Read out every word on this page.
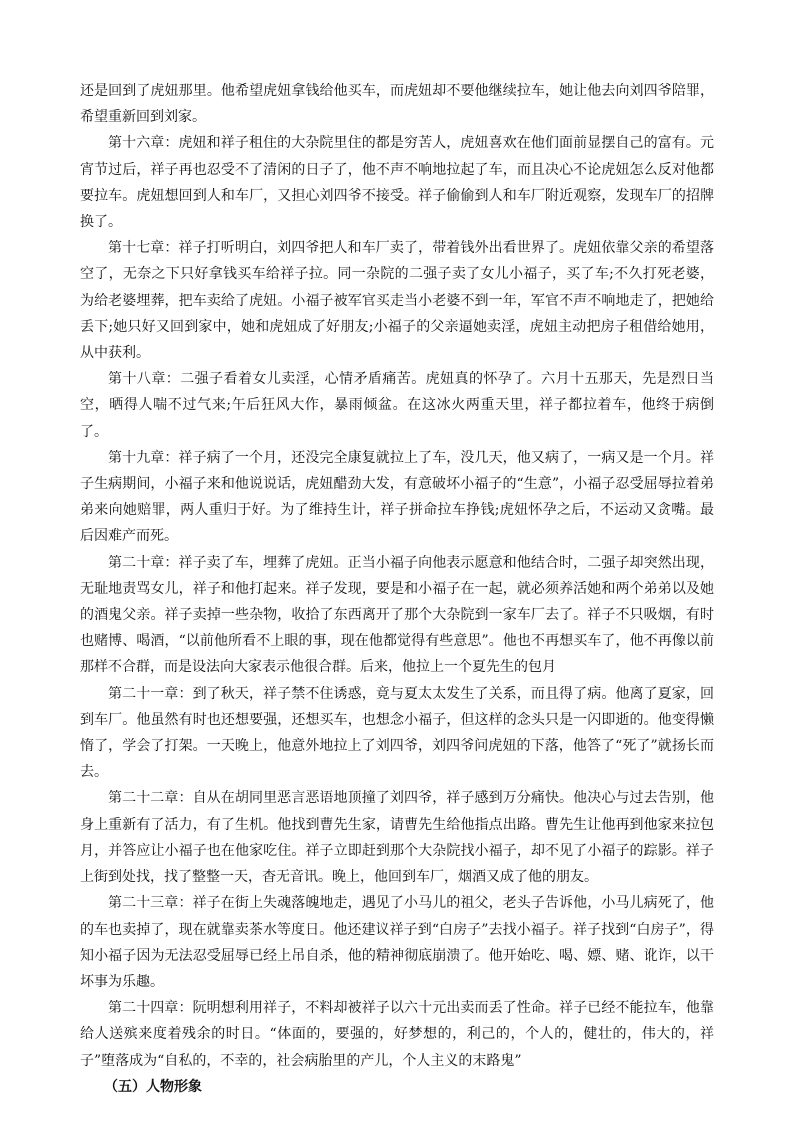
还是回到了虎妞那里。他希望虎妞拿钱给他买车，而虎妞却不要他继续拉车，她让他去向刘四爷陪罪，希望重新回到刘家。

第十六章：虎妞和祥子租住的大杂院里住的都是穷苦人，虎妞喜欢在他们面前显摆自己的富有。元宵节过后，祥子再也忍受不了清闲的日子了，他不声不响地拉起了车，而且决心不论虎妞怎么反对他都要拉车。虎妞想回到人和车厂，又担心刘四爷不接受。祥子偷偷到人和车厂附近观察，发现车厂的招牌换了。

第十七章：祥子打听明白，刘四爷把人和车厂卖了，带着钱外出看世界了。虎妞依靠父亲的希望落空了，无奈之下只好拿钱买车给祥子拉。同一杂院的二强子卖了女儿小福子，买了车;不久打死老婆，为给老婆埋葬，把车卖给了虎妞。小福子被军官买走当小老婆不到一年，军官不声不响地走了，把她给丢下;她只好又回到家中，她和虎妞成了好朋友;小福子的父亲逼她卖淫，虎妞主动把房子租借给她用，从中获利。

第十八章：二强子看着女儿卖淫，心情矛盾痛苦。虎妞真的怀孕了。六月十五那天，先是烈日当空，晒得人喘不过气来;午后狂风大作，暴雨倾盆。在这冰火两重天里，祥子都拉着车，他终于病倒了。

第十九章：祥子病了一个月，还没完全康复就拉上了车，没几天，他又病了，一病又是一个月。祥子生病期间，小福子来和他说说话，虎妞醋劲大发，有意破坏小福子的“生意”，小福子忍受屈辱拉着弟弟来向她赔罪，两人重归于好。为了维持生计，祥子拼命拉车挣钱;虎妞怀孕之后，不运动又贪嘴。最后因难产而死。

第二十章：祥子卖了车，埋葬了虎妞。正当小福子向他表示愿意和他结合时，二强子却突然出现，无耻地责骂女儿，祥子和他打起来。祥子发现，要是和小福子在一起，就必须养活她和两个弟弟以及她的酒鬼父亲。祥子卖掉一些杂物，收拾了东西离开了那个大杂院到一家车厂去了。祥子不只吸烟，有时也赌博、喝酒，“以前他所看不上眼的事，现在他都觉得有些意思”。他也不再想买车了，他不再像以前那样不合群，而是设法向大家表示他很合群。后来，他拉上一个夏先生的包月

第二十一章：到了秋天，祥子禁不住诱惑，竟与夏太太发生了关系，而且得了病。他离了夏家，回到车厂。他虽然有时也还想要强，还想买车，也想念小福子，但这样的念头只是一闪即逝的。他变得懒惰了，学会了打架。一天晚上，他意外地拉上了刘四爷，刘四爷问虎妞的下落，他答了“死了”就扬长而去。

第二十二章：自从在胡同里恶言恶语地顶撞了刘四爷，祥子感到万分痛快。他决心与过去告别，他身上重新有了活力，有了生机。他找到曹先生家，请曹先生给他指点出路。曹先生让他再到他家来拉包月，并答应让小福子也在他家吃住。祥子立即赶到那个大杂院找小福子，却不见了小福子的踪影。祥子上街到处找，找了整整一天，杳无音讯。晚上，他回到车厂，烟酒又成了他的朋友。

第二十三章：祥子在街上失魂落魄地走，遇见了小马儿的祖父，老头子告诉他，小马儿病死了，他的车也卖掉了，现在就靠卖茶水等度日。他还建议祥子到“白房子”去找小福子。祥子找到“白房子”，得知小福子因为无法忍受屈辱已经上吊自杀，他的精神彻底崩溃了。他开始吃、喝、嫖、赌、讹诈，以干坏事为乐趣。

第二十四章：阮明想利用祥子，不料却被祥子以六十元出卖而丢了性命。祥子已经不能拉车，他靠给人送殡来度着残余的时日。“体面的，要强的，好梦想的，利己的，个人的，健壮的，伟大的，祥子”堕落成为“自私的，不幸的，社会病胎里的产儿，个人主义的末路鬼”

（五）人物形象
